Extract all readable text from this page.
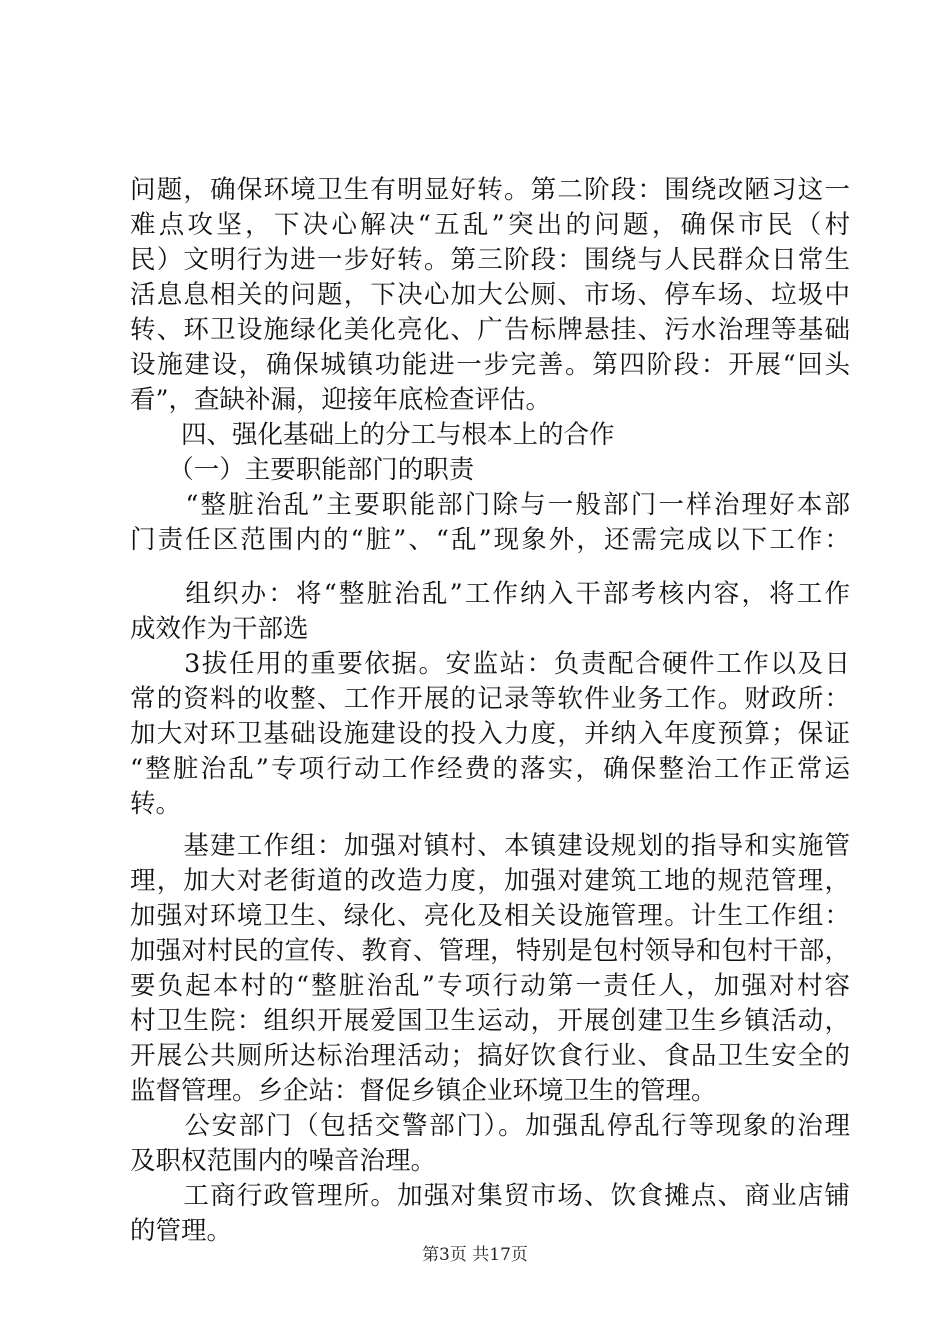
问题，确保环境卫生有明显好转。第二阶段：围绕改陋习这一
难点攻坚，下决心解决“五乱”突出的问题，确保市民（村
民）文明行为进一步好转。第三阶段：围绕与人民群众日常生
活息息相关的问题，下决心加大公厕、市场、停车场、垃圾中
转、环卫设施绿化美化亮化、广告标牌悬挂、污水治理等基础
设施建设，确保城镇功能进一步完善。第四阶段：开展“回头
看”，查缺补漏，迎接年底检查评估。
　　四、强化基础上的分工与根本上的合作
　　（一）主要职能部门的职责
　　“整脏治乱”主要职能部门除与一般部门一样治理好本部
门责任区范围内的“脏”、“乱”现象外，还需完成以下工作：
　　组织办：将“整脏治乱”工作纳入干部考核内容，将工作
成效作为干部选
　　3拔任用的重要依据。安监站：负责配合硬件工作以及日
常的资料的收整、工作开展的记录等软件业务工作。财政所：
加大对环卫基础设施建设的投入力度，并纳入年度预算；保证
“整脏治乱”专项行动工作经费的落实，确保整治工作正常运
转。
　　基建工作组：加强对镇村、本镇建设规划的指导和实施管
理，加大对老街道的改造力度，加强对建筑工地的规范管理，
加强对环境卫生、绿化、亮化及相关设施管理。计生工作组：
加强对村民的宣传、教育、管理，特别是包村领导和包村干部，
要负起本村的“整脏治乱”专项行动第一责任人，加强对村容
村卫生院：组织开展爱国卫生运动，开展创建卫生乡镇活动，
开展公共厕所达标治理活动；搞好饮食行业、食品卫生安全的
监督管理。乡企站：督促乡镇企业环境卫生的管理。
　　公安部门（包括交警部门）。加强乱停乱行等现象的治理
及职权范围内的噪音治理。
　　工商行政管理所。加强对集贸市场、饮食摊点、商业店铺
的管理。
第3页 共17页
